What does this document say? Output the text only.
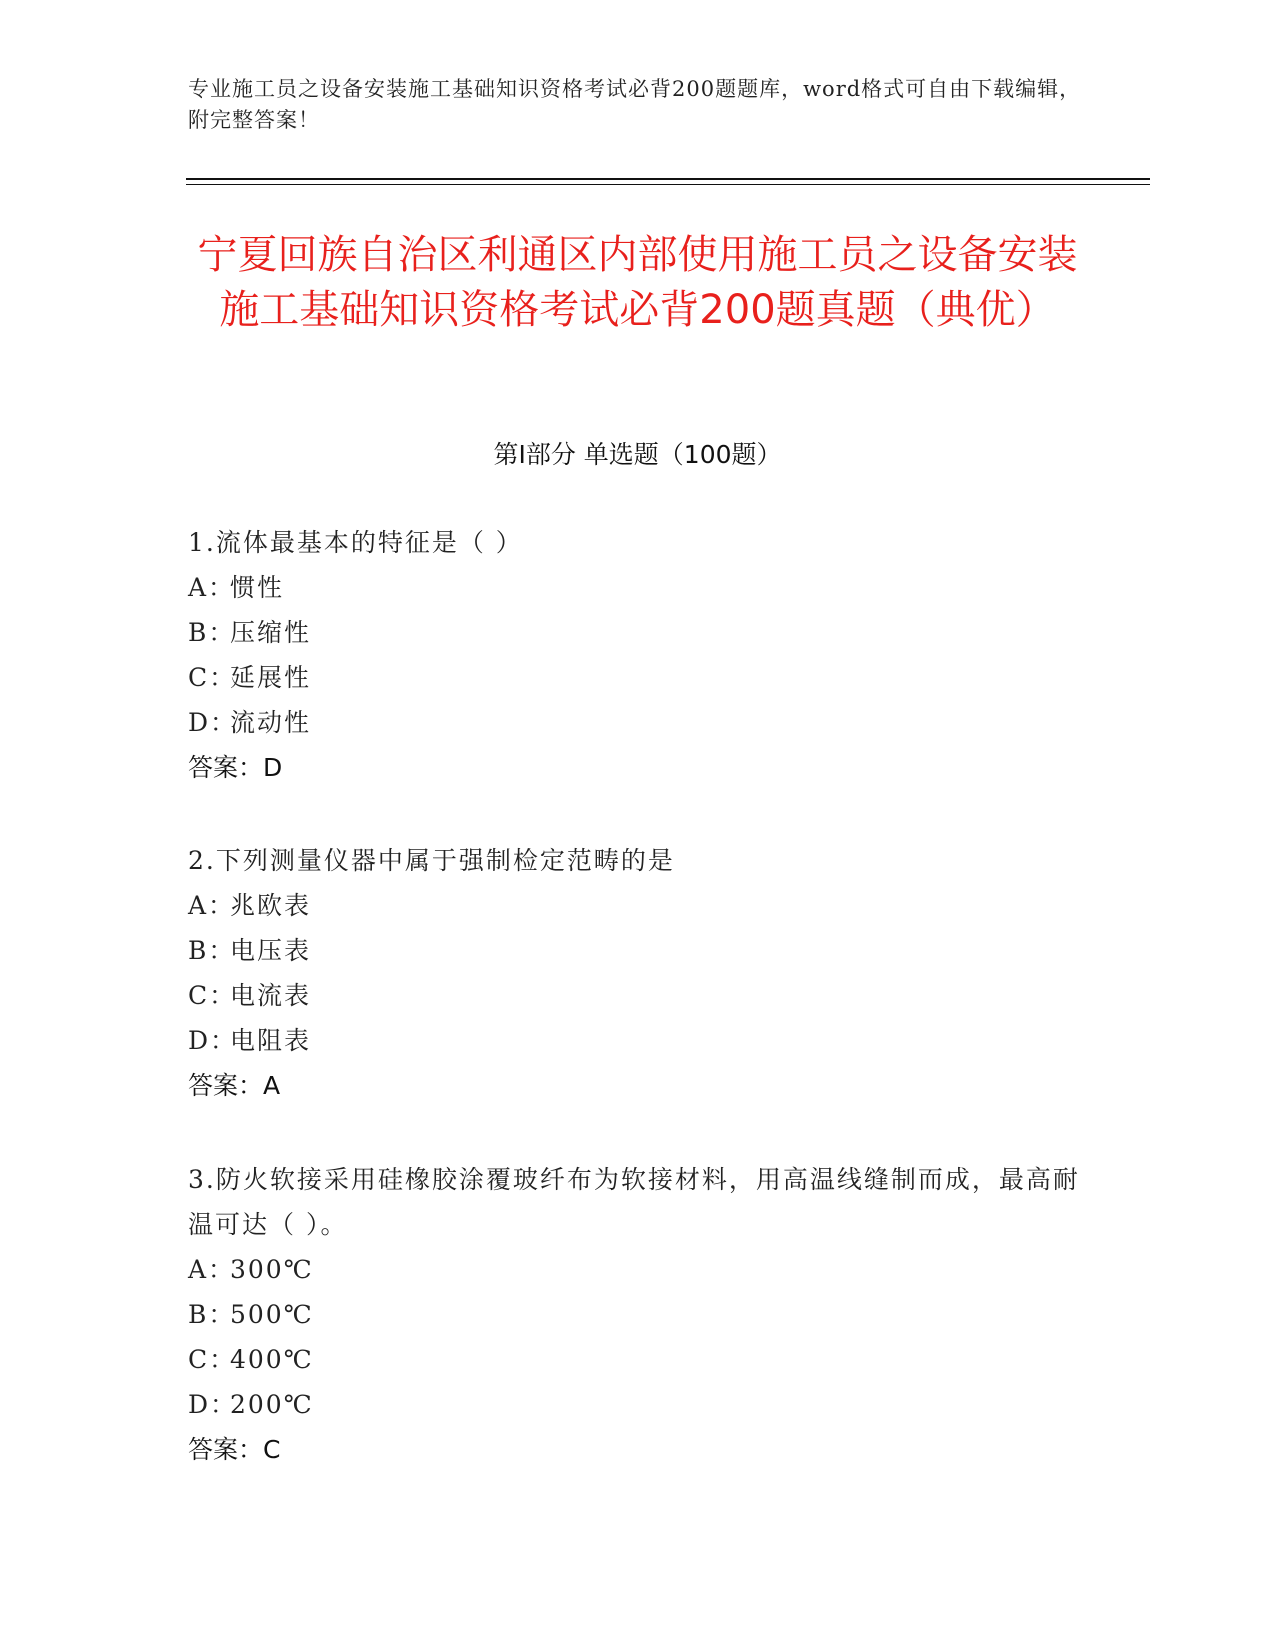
专业施工员之设备安装施工基础知识资格考试必背200题题库，word格式可自由下载编辑，附完整答案！
宁夏回族自治区利通区内部使用施工员之设备安装施工基础知识资格考试必背200题真题（典优）
第I部分 单选题（100题）
1.流体最基本的特征是（ ）
A：
惯性
B：
压缩性
C：
延展性
D：
流动性
答案：D
2.下列测量仪器中属于强制检定范畴的是
A：
兆欧表
B：
电压表
C：
电流表
D：
电阻表
答案：A
3.防火软接采用硅橡胶涂覆玻纤布为软接材料，用高温线缝制而成，最高耐温可达（ ）。
A：
300℃
B：
500℃
C：
400℃
D：
200℃
答案：C
